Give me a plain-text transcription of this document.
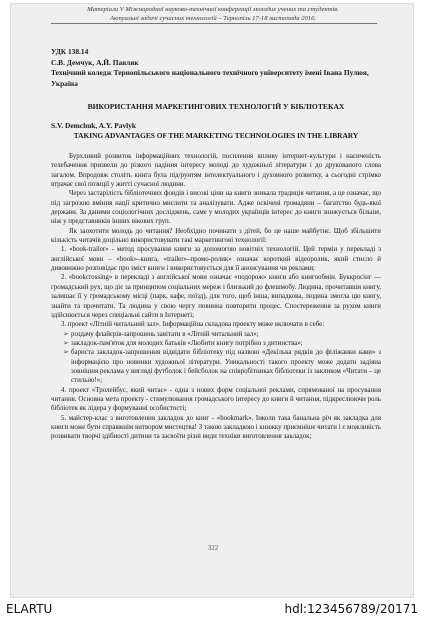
Матеріали V Міжнародної науково-технічної конференції молодих учених та студентів.
Актуальні задачі сучасних технологій – Тернопіль 17-18 листопада 2016.
УДК 138.14
С.В. Демчук, А.Й. Павляк
Технічний коледж Тернопільського національного технічного університету імені Івана Пулюя, Україна
ВИКОРИСТАННЯ МАРКЕТИНГОВИХ ТЕХНОЛОГІЙ У БІБЛІОТЕКАХ
S.V. Demchuk, A.Y. Pavlyk
TAKING ADVANTAGES OF THE MARKETING TECHNOLOGIES IN THE LIBRARY

Бурхливий розвиток інформаційних технологій, посилення впливу інтернет-культури і насиченість телебачення призвели до різкого падіння інтересу молоді до художньої літератури і до друкованого слова загалом. Впродовж століть книга була під/рунтям інтелектуального і духовного розвитку, а сьогодні стрімко втрачає свої позиції у житті сучасної людини.

Через застарілість бібліотечних фондів і високі ціни на книги зникала традиція читання, а це означає, що під загрозою вміння нації критично мислити та аналізувати. Адже освічені громадяни – багатство будь-якої держави. За даними соціологічних досліджень, саме у молодих українців інтерес до книги знижується більше, ніж у представників інших вікових груп.

Як заохотити молодь до читання? Необхідно починати з дітей, бо це наше майбутнє. Щоб збільшити кількість читачів доцільно використовувати такі маркетингові технології:

1. «book-trailer» - метод просування книги за допомогою новітніх технологій. Цей термін у перекладі з англійської мови – «book»–книга, «trailer»–промо-ролик» означає короткий відеоролик, який стисло й дивовижно розповідає про зміст книги і використовується для її анонсування чи реклами;

2. «bookcrossing» в перекладі з англійської мови означає «подорож» книги або книгообмін. Буккросінг —громадський рух, що діє за принципом соціальних мереж і близький до флешмобу. Людина, прочитавши книгу, залишає її у громадському місці (парк, кафе, поїзд), для того, щоб інша, випадкова, людина змогла цю книгу, знайти та прочитати. Та людина у свою чергу повинна повторити процес. Спостереження за рухом книги здійснюється через спеціальні сайти в Інтернеті;

3. проект «Літній читальний зал». Інформаційна складова проекту може включати в себе:

➢ роздачу флайєрів-запрошень завітати в «Літній читальний зал»;

➢ закладок-пам'яток для молодих батьків «Любити книгу потрібно з дитинства»;

➢ бариста закладок-запрошення відвідати бібліотеку під назвою «Декілька рядків до філіжанки кави» з інформацією про новинки художньої літератури. Уникальності такого проекту може додати задіяна зовнішня реклама у вигляді футболок і бейсболок на співробітниках бібліотеки із закликом «Читати – це стильно!»;

4. проект «Тролейбус, який читає» - одна з нових форм соціальної реклами, спрямованої на просування читання. Основна мета проекту - стимулювання громадського інтересу до книги й читання, підкреслюючи роль бібліотек як лідера у формуванні особистості;

5. майстер-клас з виготовлення закладок до книг - «bookmark». Інколи така банальна річ як закладка для книги може бути справжнім витвором мистецтва! З такою закладкою і книжку приємніше читати і є можливість розвивати творчі здібності дитини та засвоїти різні види техніки виготовлення закладок;

322
ELARTU	hdl:123456789/20171
